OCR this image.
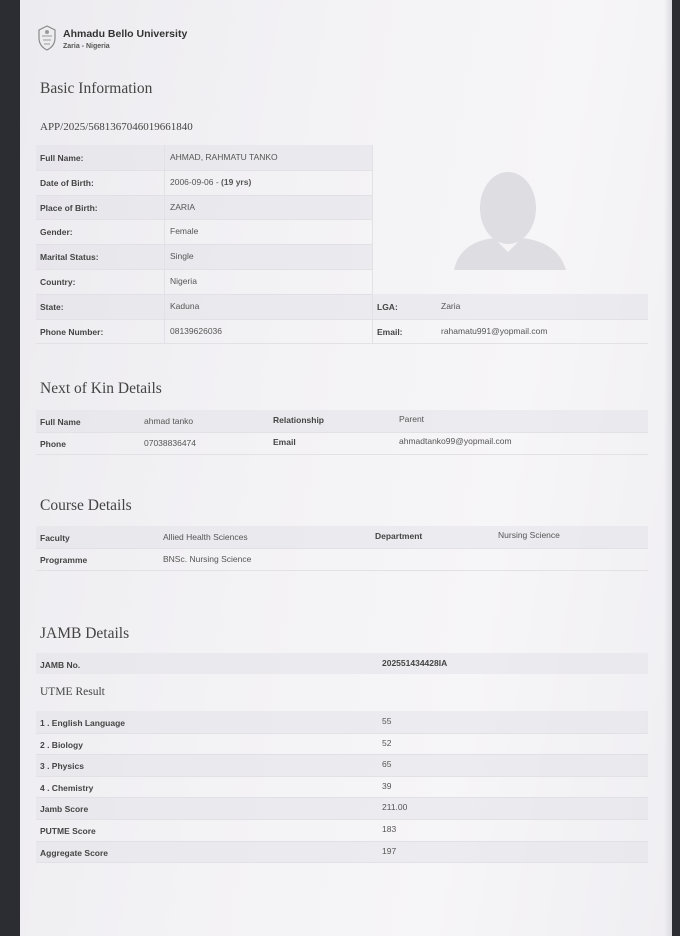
Ahmadu Bello University
Zaria - Nigeria
Basic Information
APP/2025/5681367046019661840
Full Name:	AHMAD, RAHMATU TANKO
Date of Birth:	2006-09-06 - (19 yrs)
Place of Birth:	ZARIA
Gender:	Female
Marital Status:	Single
Country:	Nigeria
State:	Kaduna	LGA:	Zaria
Phone Number:	08139626036	Email:	rahamatu991@yopmail.com
Next of Kin Details
Full Name	ahmad tanko	Relationship	Parent
Phone	07038836474	Email	ahmadtanko99@yopmail.com
Course Details
Faculty	Allied Health Sciences	Department	Nursing Science
Programme	BNSc. Nursing Science
JAMB Details
JAMB No.	202551434428IA
UTME Result
1 . English Language	55
2 . Biology	52
3 . Physics	65
4 . Chemistry	39
Jamb Score	211.00
PUTME Score	183
Aggregate Score	197
